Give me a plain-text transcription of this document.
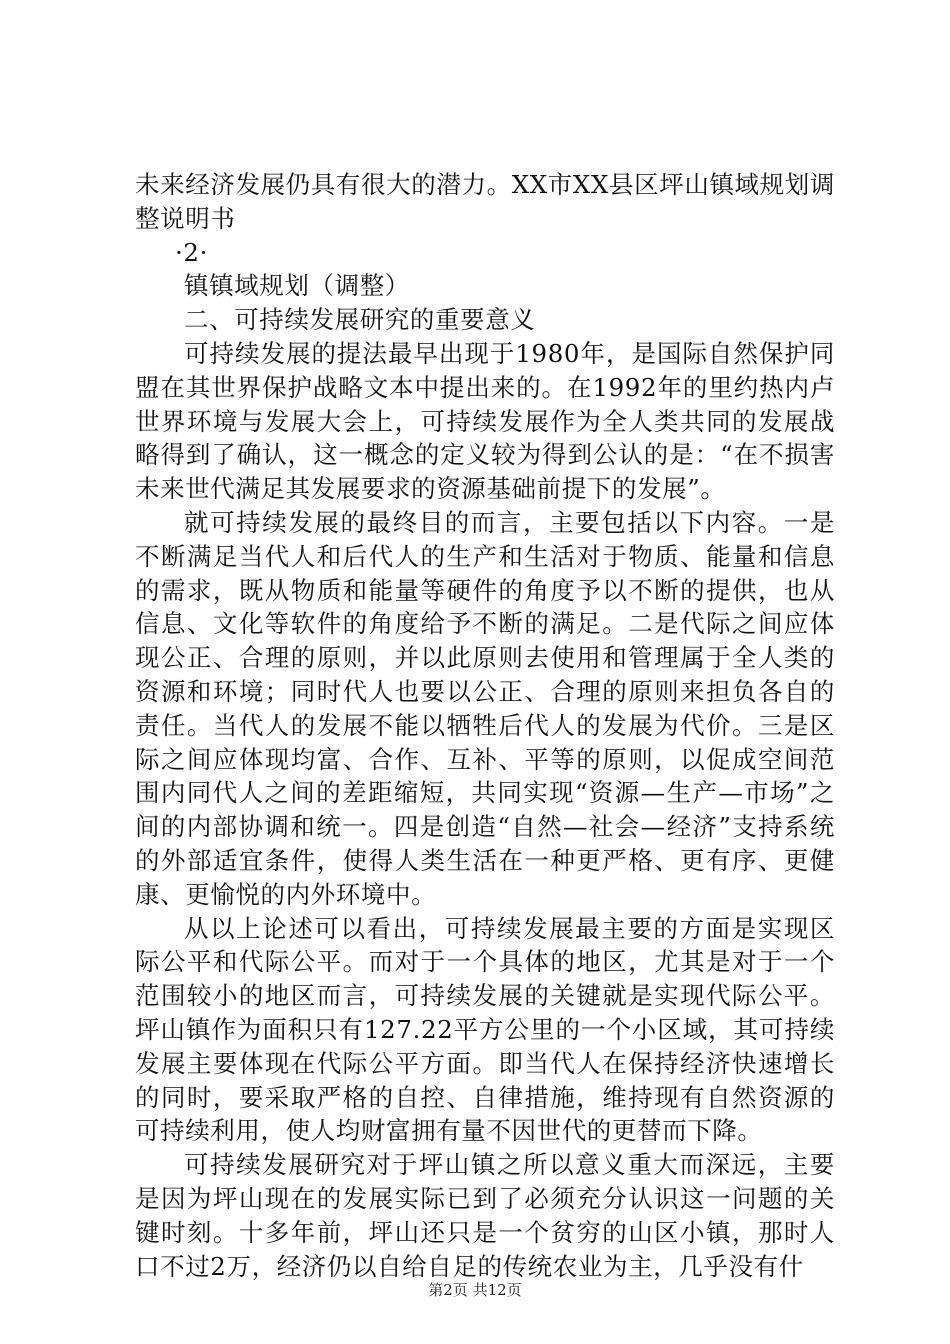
未来经济发展仍具有很大的潜力。XX市XX县区坪山镇域规划调整说明书

·2·

镇镇域规划（调整）

二、可持续发展研究的重要意义

可持续发展的提法最早出现于1980年，是国际自然保护同盟在其世界保护战略文本中提出来的。在1992年的里约热内卢世界环境与发展大会上，可持续发展作为全人类共同的发展战略得到了确认，这一概念的定义较为得到公认的是：“在不损害未来世代满足其发展要求的资源基础前提下的发展”。

就可持续发展的最终目的而言，主要包括以下内容。一是不断满足当代人和后代人的生产和生活对于物质、能量和信息的需求，既从物质和能量等硬件的角度予以不断的提供，也从信息、文化等软件的角度给予不断的满足。二是代际之间应体现公正、合理的原则，并以此原则去使用和管理属于全人类的资源和环境；同时代人也要以公正、合理的原则来担负各自的责任。当代人的发展不能以牺牲后代人的发展为代价。三是区际之间应体现均富、合作、互补、平等的原则，以促成空间范围内同代人之间的差距缩短，共同实现“资源—生产—市场”之间的内部协调和统一。四是创造“自然—社会—经济”支持系统的外部适宜条件，使得人类生活在一种更严格、更有序、更健康、更愉悦的内外环境中。

从以上论述可以看出，可持续发展最主要的方面是实现区际公平和代际公平。而对于一个具体的地区，尤其是对于一个范围较小的地区而言，可持续发展的关键就是实现代际公平。坪山镇作为面积只有127.22平方公里的一个小区域，其可持续发展主要体现在代际公平方面。即当代人在保持经济快速增长的同时，要采取严格的自控、自律措施，维持现有自然资源的可持续利用，使人均财富拥有量不因世代的更替而下降。

可持续发展研究对于坪山镇之所以意义重大而深远，主要是因为坪山现在的发展实际已到了必须充分认识这一问题的关键时刻。十多年前，坪山还只是一个贫穷的山区小镇，那时人口不过2万，经济仍以自给自足的传统农业为主，几乎没有什

第2页 共12页
